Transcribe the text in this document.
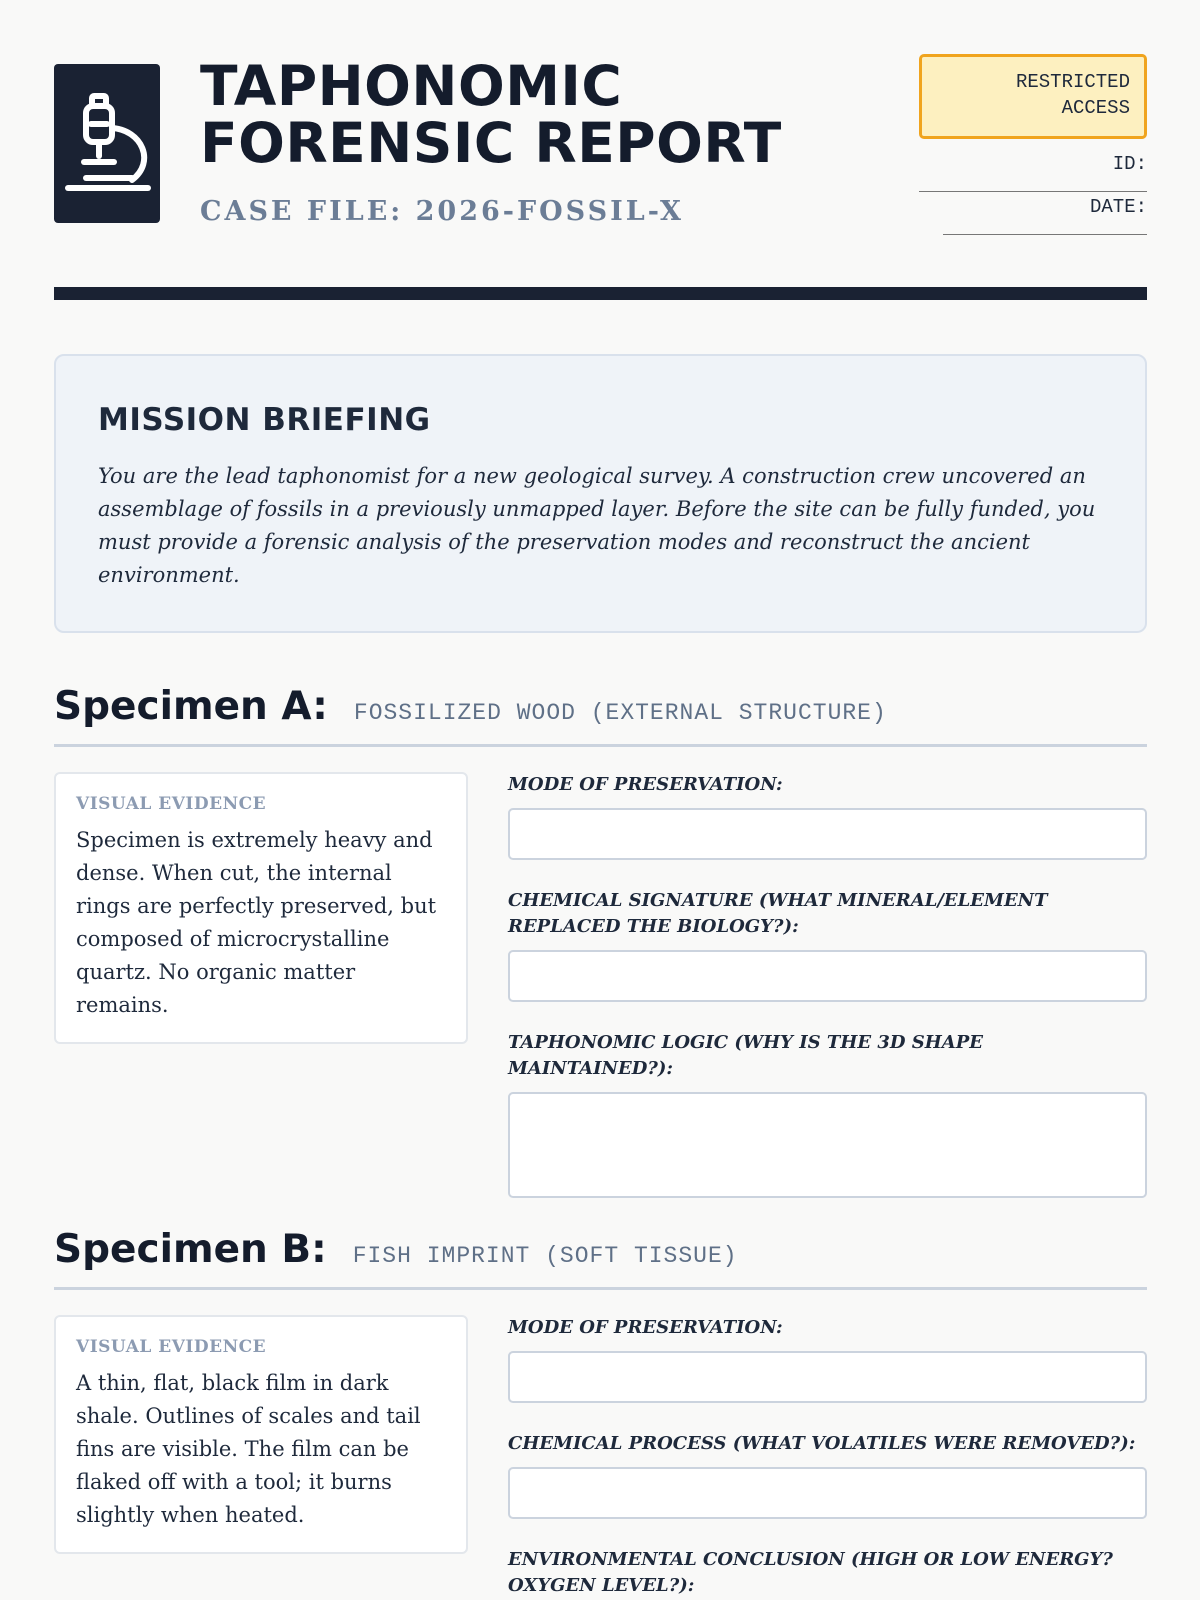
TAPHONOMIC
FORENSIC REPORT
CASE FILE: 2026-FOSSIL-X
RESTRICTED
ACCESS
ID:
DATE:
MISSION BRIEFING

You are the lead taphonomist for a new geological survey. A construction crew uncovered an assemblage of fossils in a previously unmapped layer. Before the site can be fully funded, you must provide a forensic analysis of the preservation modes and reconstruct the ancient environment.

Specimen A: FOSSILIZED WOOD (EXTERNAL STRUCTURE)
VISUAL EVIDENCE
Specimen is extremely heavy and dense. When cut, the internal rings are perfectly preserved, but composed of microcrystalline quartz. No organic matter remains.
MODE OF PRESERVATION:
CHEMICAL SIGNATURE (WHAT MINERAL/ELEMENT REPLACED THE BIOLOGY?):
TAPHONOMIC LOGIC (WHY IS THE 3D SHAPE MAINTAINED?):
Specimen B: FISH IMPRINT (SOFT TISSUE)
VISUAL EVIDENCE
A thin, flat, black film in dark shale. Outlines of scales and tail fins are visible. The film can be flaked off with a tool; it burns slightly when heated.
MODE OF PRESERVATION:
CHEMICAL PROCESS (WHAT VOLATILES WERE REMOVED?):
ENVIRONMENTAL CONCLUSION (HIGH OR LOW ENERGY? OXYGEN LEVEL?):
